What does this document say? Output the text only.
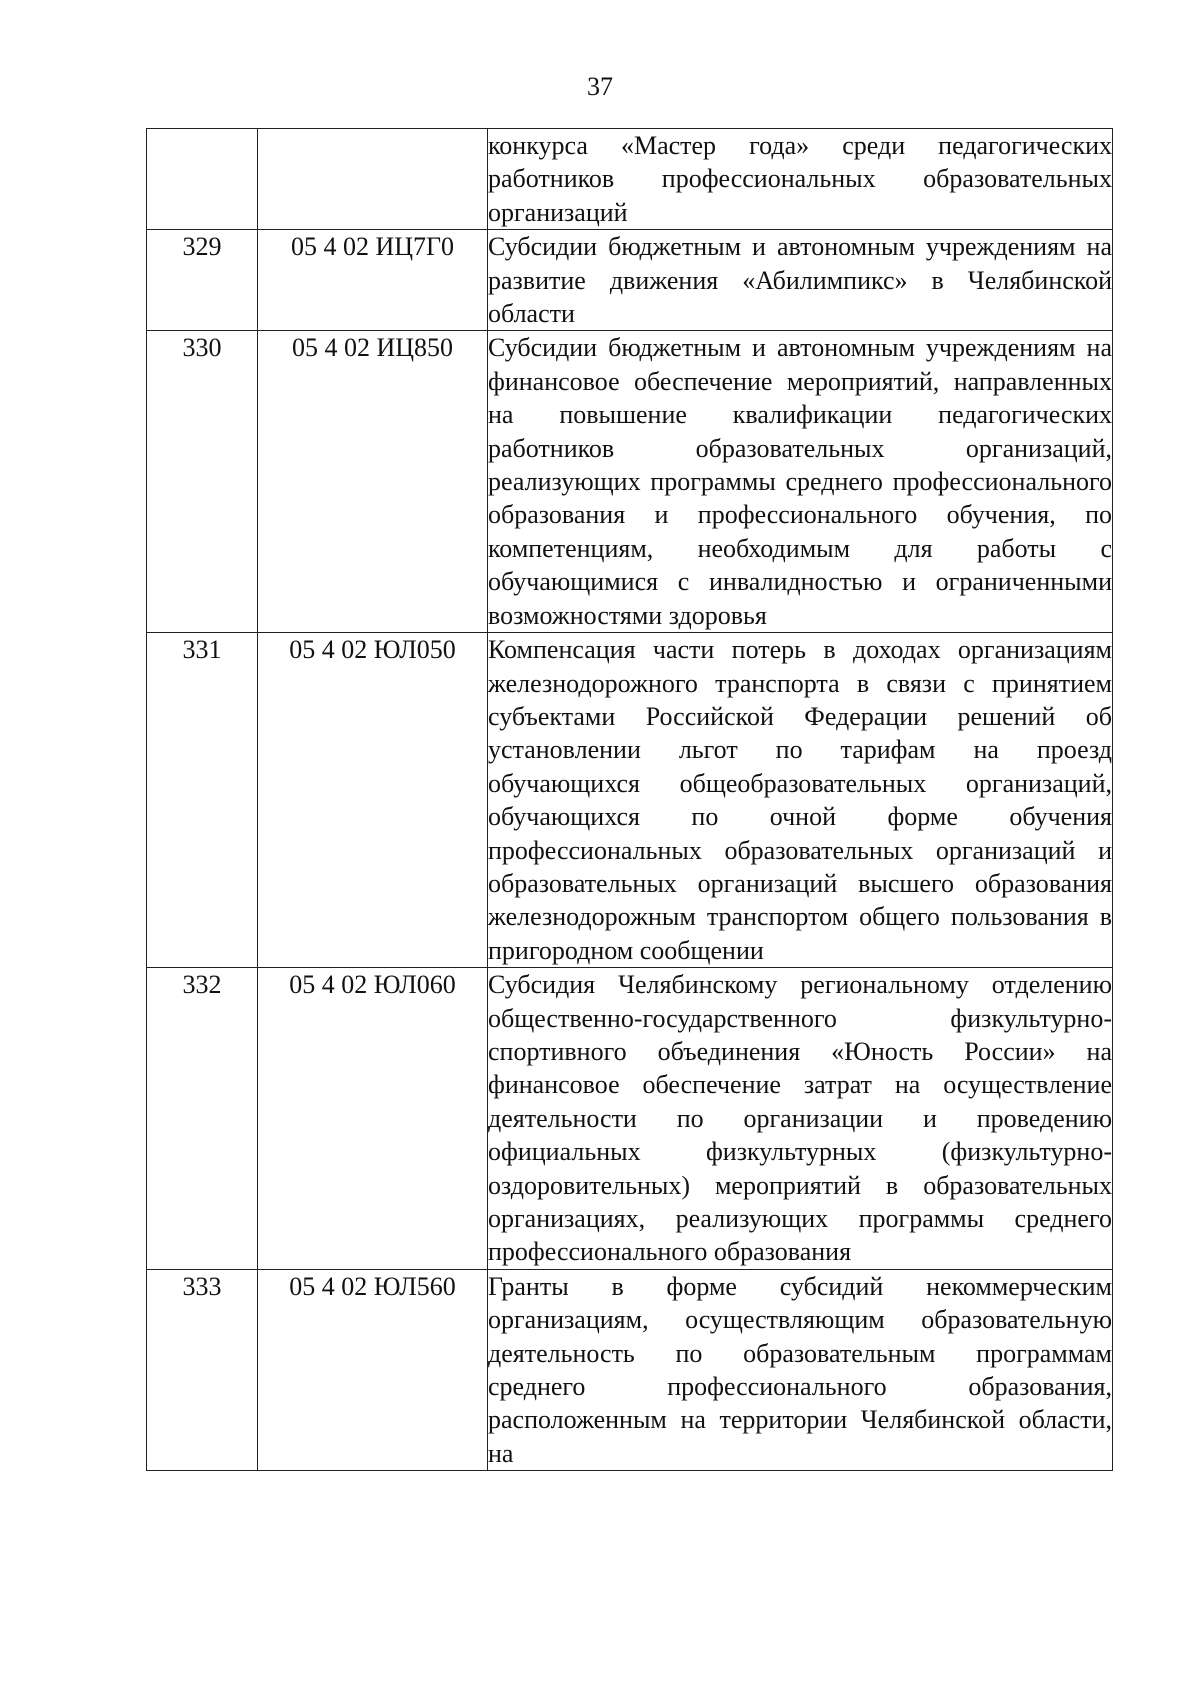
37
		конкурса «Мастер года» среди педагогических работников профессиональных образовательных организаций
329	05 4 02 ИЦ7Г0	Субсидии бюджетным и автономным учреждениям на развитие движения «Абилимпикс» в Челябинской области
330	05 4 02 ИЦ850	Субсидии бюджетным и автономным учреждениям на финансовое обеспечение мероприятий, направленных на повышение квалификации педагогических работников образовательных организаций, реализующих программы среднего профессионального образования и профессионального обучения, по компетенциям, необходимым для работы с обучающимися с инвалидностью и ограниченными возможностями здоровья
331	05 4 02 ЮЛ050	Компенсация части потерь в доходах организациям железнодорожного транспорта в связи с принятием субъектами Российской Федерации решений об установлении льгот по тарифам на проезд обучающихся общеобразовательных организаций, обучающихся по очной форме обучения профессиональных образовательных организаций и образовательных организаций высшего образования железнодорожным транспортом общего пользования в пригородном сообщении
332	05 4 02 ЮЛ060	Субсидия Челябинскому региональному отделению общественно-государственного физкультурно-спортивного объединения «Юность России» на финансовое обеспечение затрат на осуществление деятельности по организации и проведению официальных физкультурных (физкультурно-оздоровительных) мероприятий в образовательных организациях, реализующих программы среднего профессионального образования
333	05 4 02 ЮЛ560	Гранты в форме субсидий некоммерческим организациям, осуществляющим образовательную деятельность по образовательным программам среднего профессионального образования, расположенным на территории Челябинской области, на
